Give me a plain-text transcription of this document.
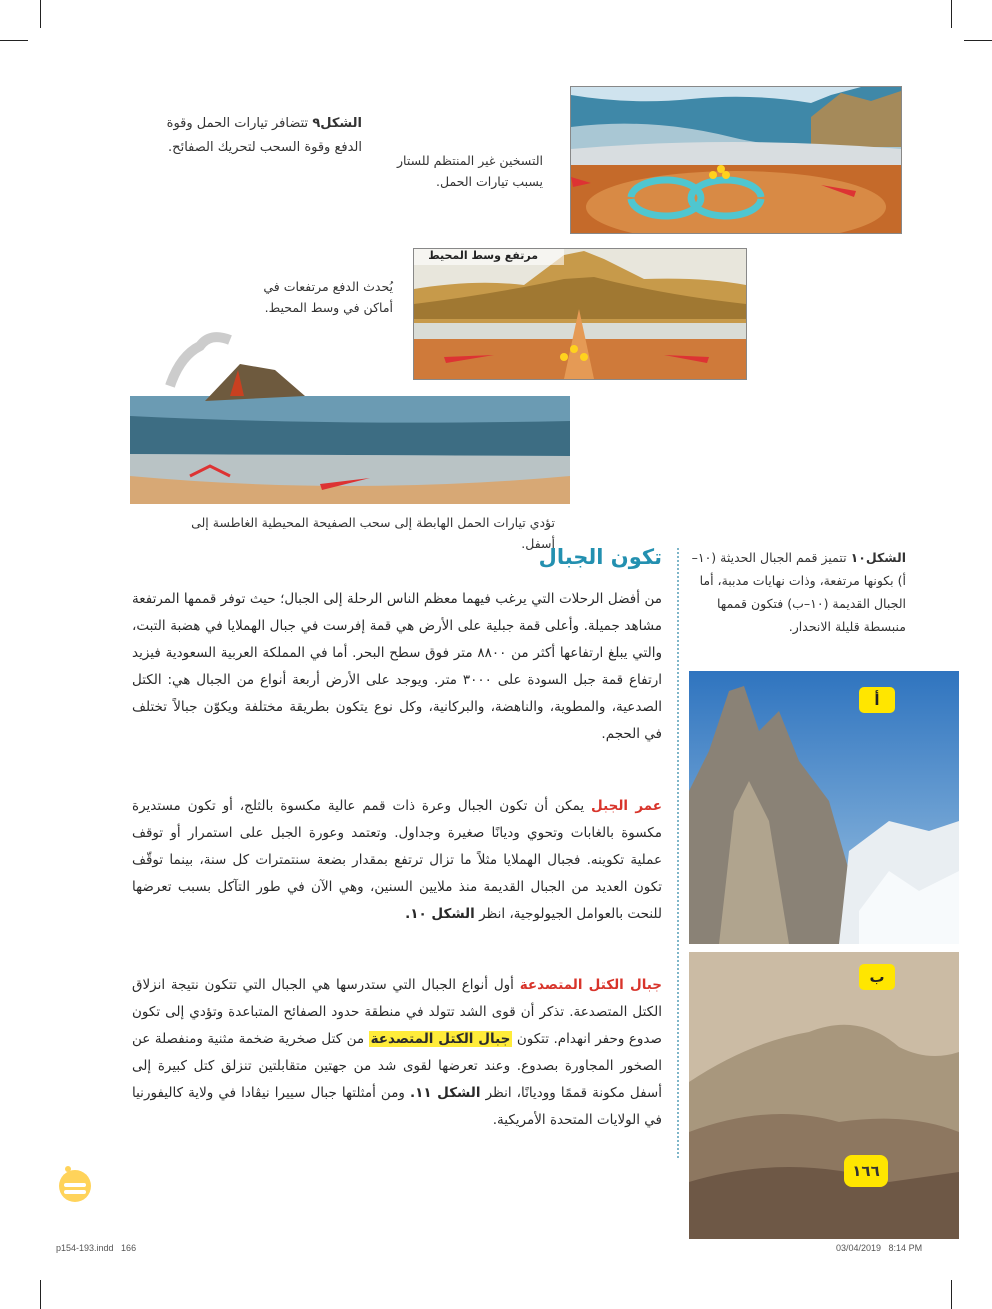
الشكل٩ تتضافر تيارات الحمل وقوة الدفع وقوة السحب لتحريك الصفائح.
التسخين غير المنتظم للستار يسبب تيارات الحمل.
مرتفع وسط المحيط
يُحدث الدفع مرتفعات في أماكن في وسط المحيط.
تؤدي تيارات الحمل الهابطة إلى سحب الصفيحة المحيطية الغاطسة إلى أسفل.
تكون الجبال
من أفضل الرحلات التي يرغب فيهما معظم الناس الرحلة إلى الجبال؛ حيث توفر قممها المرتفعة مشاهد جميلة. وأعلى قمة جبلية على الأرض هي قمة إفرست في جبال الهملايا في هضبة التبت، والتي يبلغ ارتفاعها أكثر من ٨٨٠٠ متر فوق سطح البحر. أما في المملكة العربية السعودية فيزيد ارتفاع قمة جبل السودة على ٣٠٠٠ متر. ويوجد على الأرض أربعة أنواع من الجبال هي: الكتل الصدعية، والمطوية، والناهضة، والبركانية، وكل نوع يتكون بطريقة مختلفة ويكوّن جبالاً تختلف في الحجم.
عمر الجبل يمكن أن تكون الجبال وعرة ذات قمم عالية مكسوة بالثلج، أو تكون مستديرة مكسوة بالغابات وتحوي وديانًا صغيرة وجداول. وتعتمد وعورة الجبل على استمرار أو توقف عملية تكوينه. فجبال الهملايا مثلاً ما تزال ترتفع بمقدار بضعة سنتمترات كل سنة، بينما توقّف تكون العديد من الجبال القديمة منذ ملايين السنين، وهي الآن في طور التآكل بسبب تعرضها للنحت بالعوامل الجيولوجية، انظر الشكل ١٠.
جبال الكتل المتصدعة أول أنواع الجبال التي ستدرسها هي الجبال التي تتكون نتيجة انزلاق الكتل المتصدعة. تذكر أن قوى الشد تتولد في منطقة حدود الصفائح المتباعدة وتؤدي إلى تكون صدوع وحفر انهدام. تتكون جبال الكتل المتصدعة من كتل صخرية ضخمة مثنية ومنفصلة عن الصخور المجاورة بصدوع. وعند تعرضها لقوى شد من جهتين متقابلتين تنزلق كتل كبيرة إلى أسفل مكونة قممًا ووديانًا، انظر الشكل ١١. ومن أمثلتها جبال سييرا نيڤادا في ولاية كاليفورنيا في الولايات المتحدة الأمريكية.
الشكل١٠ تتميز قمم الجبال الحديثة (١٠–أ) بكونها مرتفعة، وذات نهايات مدببة، أما الجبال القديمة (١٠–ب) فتكون قممها منبسطة قليلة الانحدار.
أ
ب
١٦٦
p154-193.indd   166	03/04/2019   8:14 PM
